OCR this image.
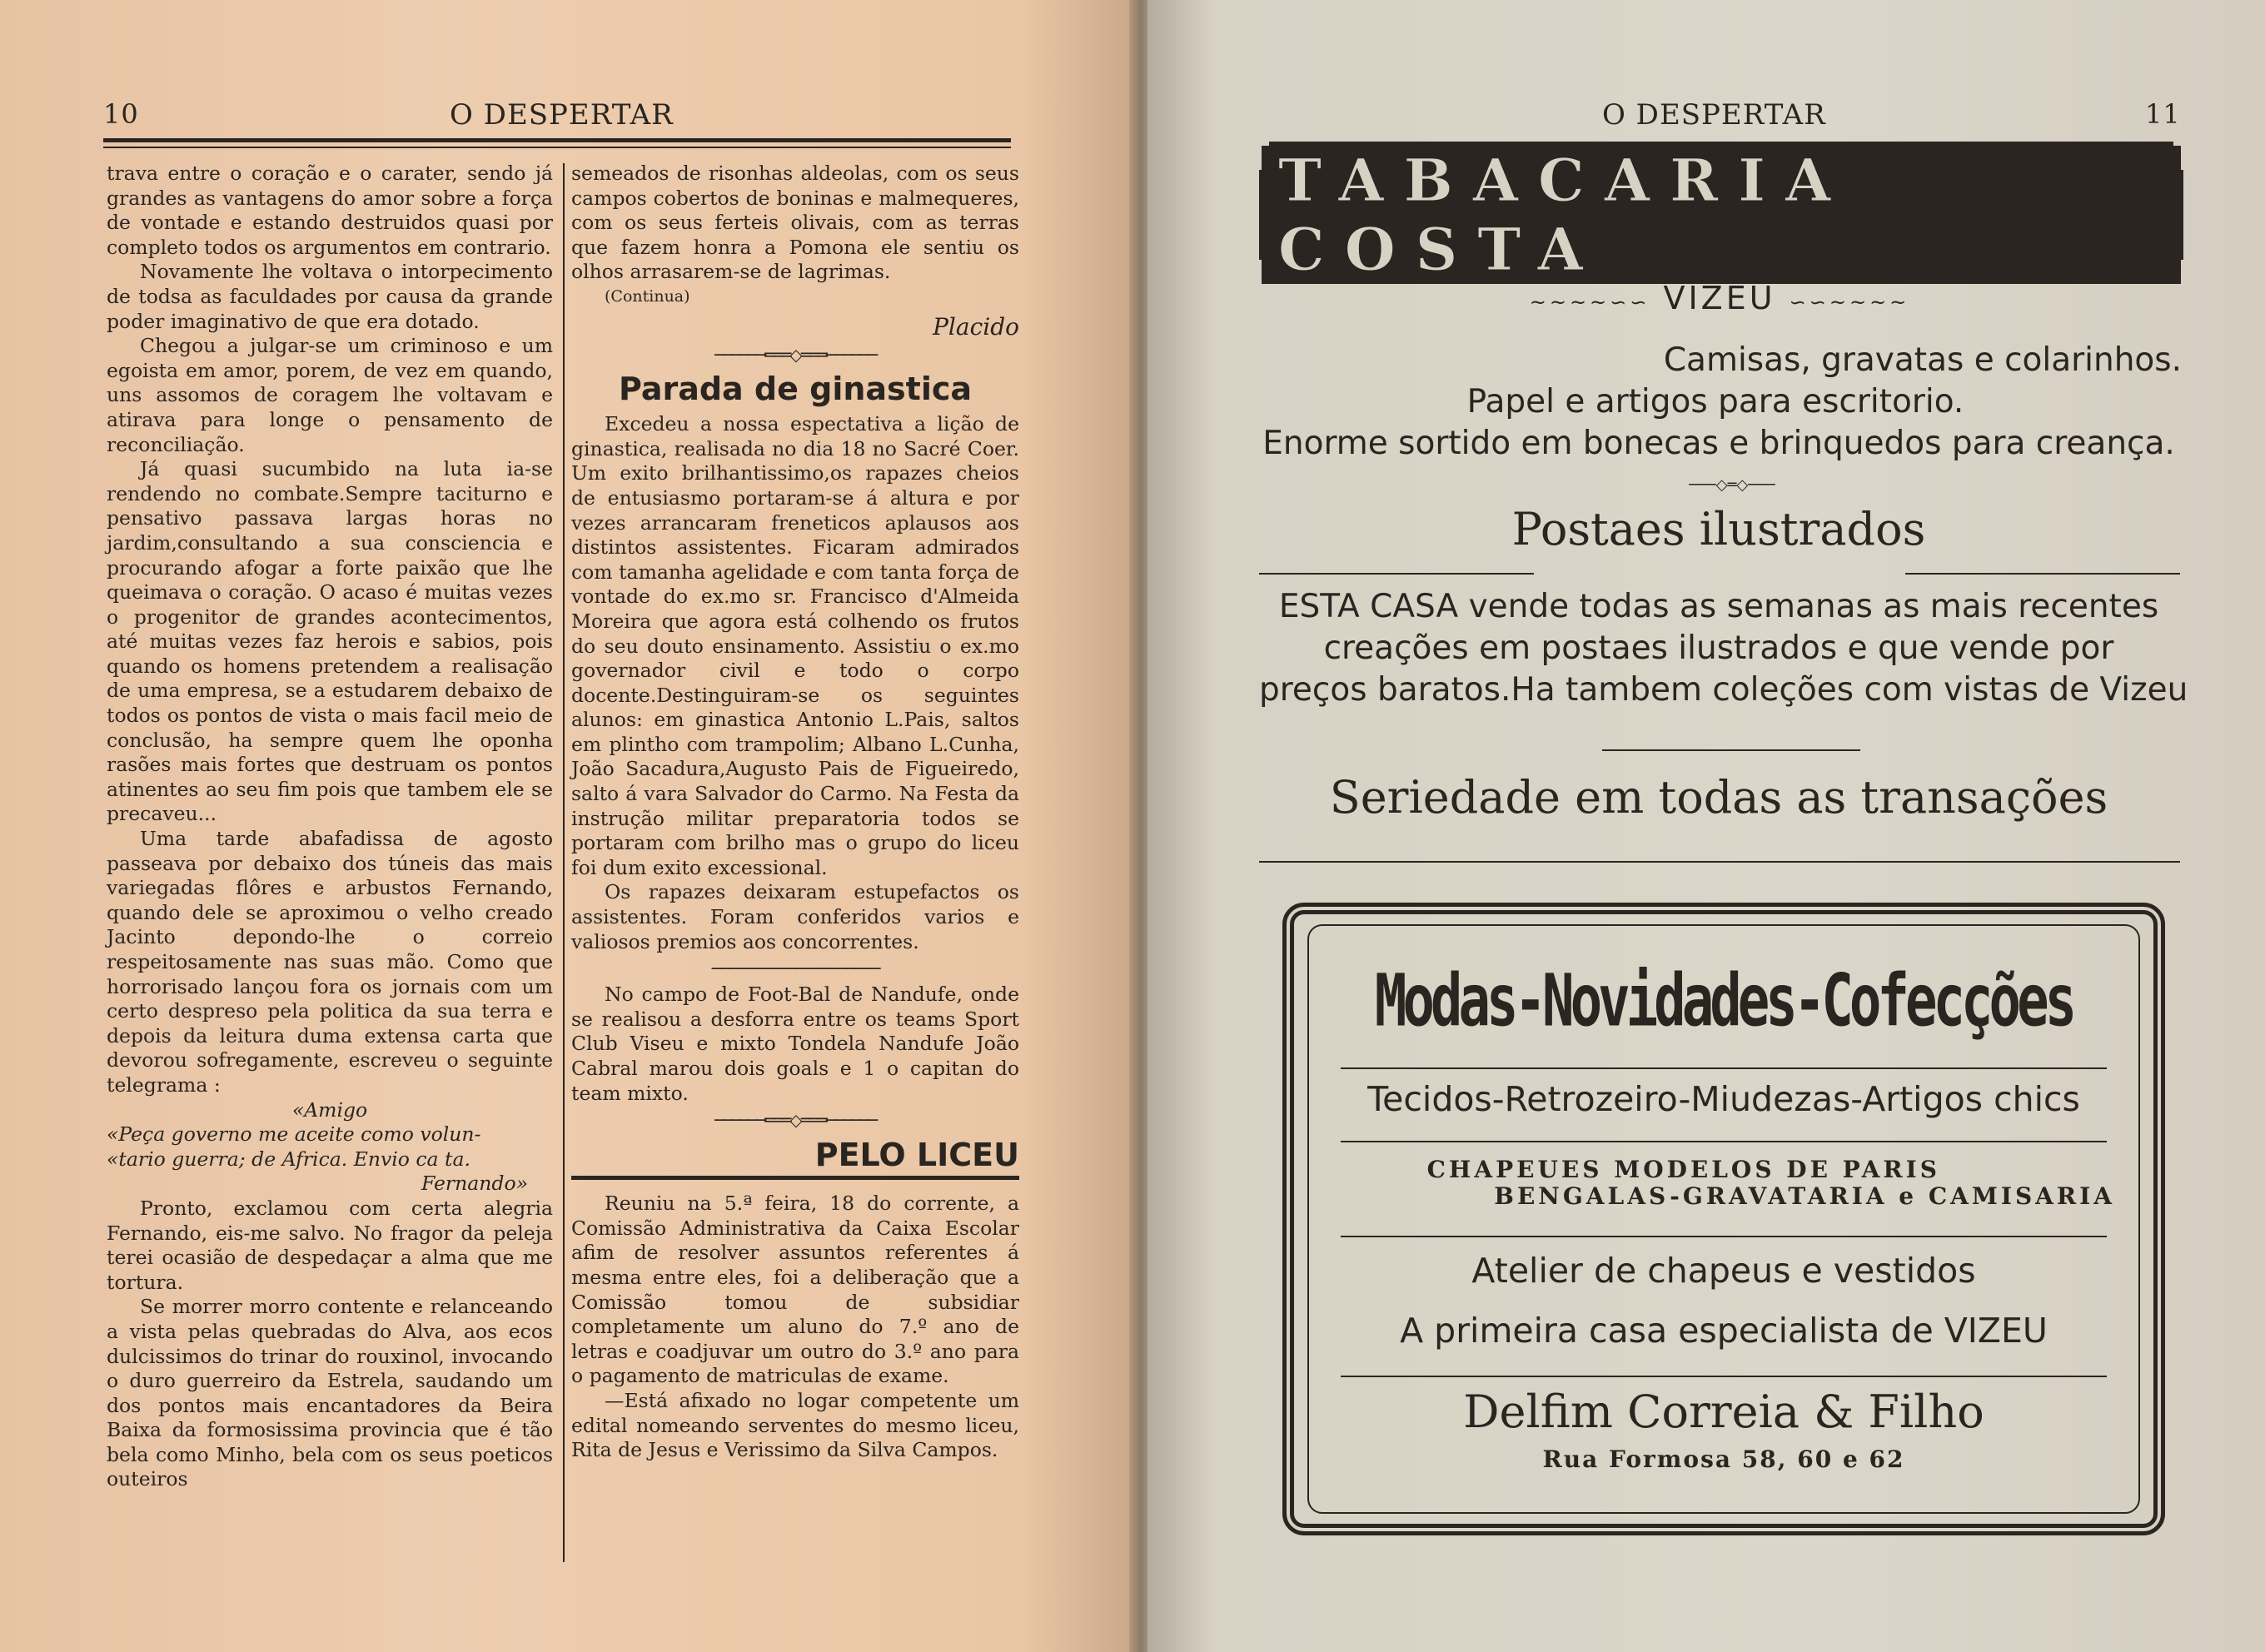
10	O DESPERTAR

trava entre o coração e o carater, sendo já grandes as vantagens do amor sobre a força de vontade e estando destruidos quasi por completo todos os argumentos em contrario.

Novamente lhe voltava o intorpecimento de todsa as faculdades por causa da grande poder imaginativo de que era dotado.

Chegou a julgar-se um criminoso e um egoista em amor, porem, de vez em quando, uns assomos de coragem lhe voltavam e atirava para longe o pensamento de reconciliação.

Já quasi sucumbido na luta ia-se rendendo no combate.Sempre taciturno e pensativo passava largas horas no jardim,consultando a sua consciencia e procurando afogar a forte paixão que lhe queimava o coração. O acaso é muitas vezes o progenitor de grandes acontecimentos, até muitas vezes faz herois e sabios, pois quando os homens pretendem a realisação de uma empresa, se a estudarem debaixo de todos os pontos de vista o mais facil meio de conclusão, ha sempre quem lhe oponha rasões mais fortes que destruam os pontos atinentes ao seu fim pois que tambem ele se precaveu...

Uma tarde abafadissa de agosto passeava por debaixo dos túneis das mais variegadas flôres e arbustos Fernando, quando dele se aproximou o velho creado Jacinto depondo-lhe o correio respeitosamente nas suas mão. Como que horrorisado lançou fora os jornais com um certo despreso pela politica da sua terra e depois da leitura duma extensa carta que devorou sofregamente, escreveu o seguinte telegrama :

«Amigo
«Peça governo me aceite como volun-
«tario guerra; de Africa. Envio ca ta.
Fernando»

Pronto, exclamou com certa alegria Fernando, eis-me salvo. No fragor da peleja terei ocasião de despedaçar a alma que me tortura.

Se morrer morro contente e relanceando a vista pelas quebradas do Alva, aos ecos dulcissimos do trinar do rouxinol, invocando o duro guerreiro da Estrela, saudando um dos pontos mais encantadores da Beira Baixa da formosissima provincia que é tão bela como Minho, bela com os seus poeticos outeiros

semeados de risonhas aldeolas, com os seus campos cobertos de boninas e malmequeres, com os seus ferteis olivais, com as terras que fazem honra a Pomona ele sentiu os olhos arrasarem-se de lagrimas.

(Continua)

Placido
──────═══◇═══──────
Parada de ginastica

Excedeu a nossa espectativa a lição de ginastica, realisada no dia 18 no Sacré Coer. Um exito brilhantissimo,os rapazes cheios de entusiasmo portaram-se á altura e por vezes arrancaram freneticos aplausos aos distintos assistentes. Ficaram admirados com tamanha agelidade e com tanta força de vontade do ex.mo sr. Francisco d'Almeida Moreira que agora está colhendo os frutos do seu douto ensinamento. Assistiu o ex.mo governador civil e todo o corpo docente.Destinguiram-se os seguintes alunos: em ginastica Antonio L.Pais, saltos em plintho com trampolim; Albano L.Cunha, João Sacadura,Augusto Pais de Figueiredo, salto á vara Salvador do Carmo. Na Festa da instrução militar preparatoria todos se portaram com brilho mas o grupo do liceu foi dum exito excessional.

Os rapazes deixaram estupefactos os assistentes. Foram conferidos varios e valiosos premios aos concorrentes.

────────────────────

No campo de Foot-Bal de Nandufe, onde se realisou a desforra entre os teams Sport Club Viseu e mixto Tondela Nandufe João Cabral marou dois goals e 1 o capitan do team mixto.

──────═══◇═══──────
PELO LICEU

Reuniu na 5.ª feira, 18 do corrente, a Comissão Administrativa da Caixa Escolar afim de resolver assuntos referentes á mesma entre eles, foi a deliberação que a Comissão tomou de subsidiar completamente um aluno do 7.º ano de letras e coadjuvar um outro do 3.º ano para o pagamento de matriculas de exame.

—Está afixado no logar competente um edital nomeando serventes do mesmo liceu, Rita de Jesus e Verissimo da Silva Campos.

O DESPERTAR	11
TABACARIA COSTA
~~~~∽∽ VIZEU ∽∽~~~~
Camisas, gravatas e colarinhos.
Papel e artigos para escritorio.
Enorme sortido em bonecas e brinquedos para creança.
───◇═◇───
Postaes ilustrados
ESTA CASA vende todas as semanas as mais recentes
creações em postaes ilustrados e que vende por
preços baratos.Ha tambem coleções com vistas de Vizeu
Seriedade em todas as transações
Modas-Novidades-Cofecções
Tecidos-Retrozeiro-Miudezas-Artigos chics
CHAPEUES MODELOS DE PARIS
BENGALAS-GRAVATARIA e CAMISARIA
Atelier de chapeus e vestidos
A primeira casa especialista de VIZEU
Delfim Correia & Filho
Rua Formosa 58, 60 e 62
